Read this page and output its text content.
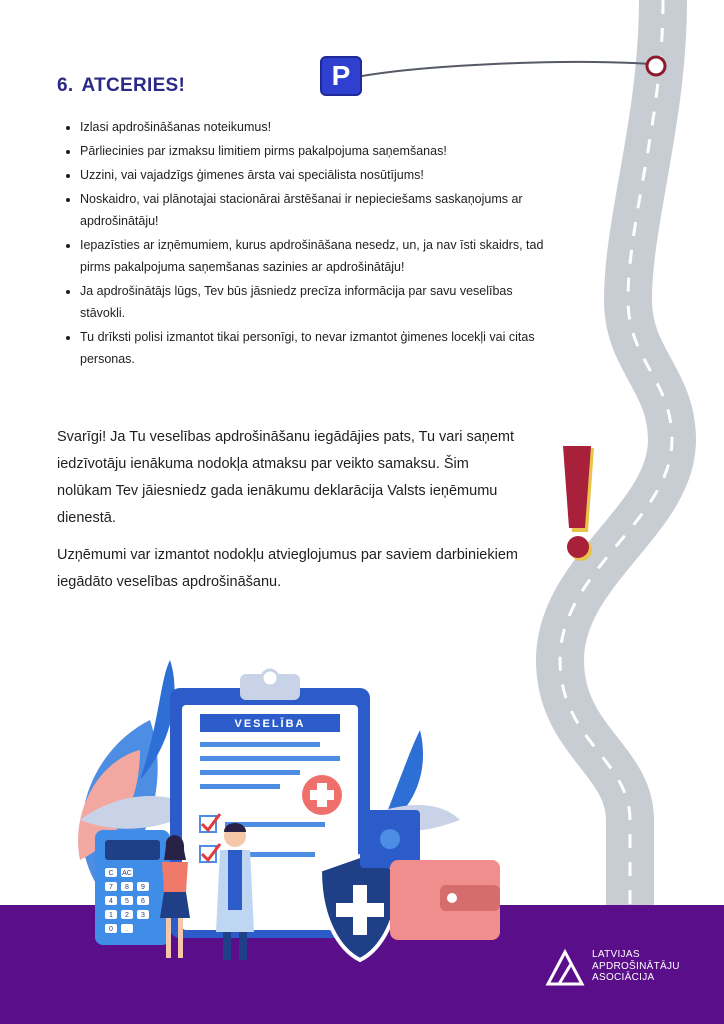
6. ATCERIES!	P
• Izlasi apdrošināšanas noteikumus!
• Pārliecinies par izmaksu limitiem pirms pakalpojuma saņemšanas!
• Uzzini, vai vajadzīgs ģimenes ārsta vai speciālista nosūtījums!
• Noskaidro, vai plānotajai stacionārai ārstēšanai ir nepieciešams saskaņojums ar apdrošinātāju!
• Iepazīsties ar izņēmumiem, kurus apdrošināšana nesedz, un, ja nav īsti skaidrs, tad pirms pakalpojuma saņemšanas sazinies ar apdrošinātāju!
• Ja apdrošinātājs lūgs, Tev būs jāsniedz precīza informācija par savu veselības stāvokli.
• Tu drīksti polisi izmantot tikai personīgi, to nevar izmantot ģimenes locekļi vai citas personas.

Svarīgi! Ja Tu veselības apdrošināšanu iegādājies pats, Tu vari saņemt iedzīvotāju ienākuma nodokļa atmaksu par veikto samaksu. Šim nolūkam Tev jāiesniedz gada ienākumu deklarācija Valsts ieņēmumu dienestā.

Uzņēmumi var izmantot nodokļu atvieglojumus par saviem darbiniekiem iegādāto veselības apdrošināšanu.

VESELĪBA
C AC
7 8 9
4 5 6
1 2 3
0 .
LATVIJAS
APDROŠINĀTĀJU
ASOCIĀCIJA
